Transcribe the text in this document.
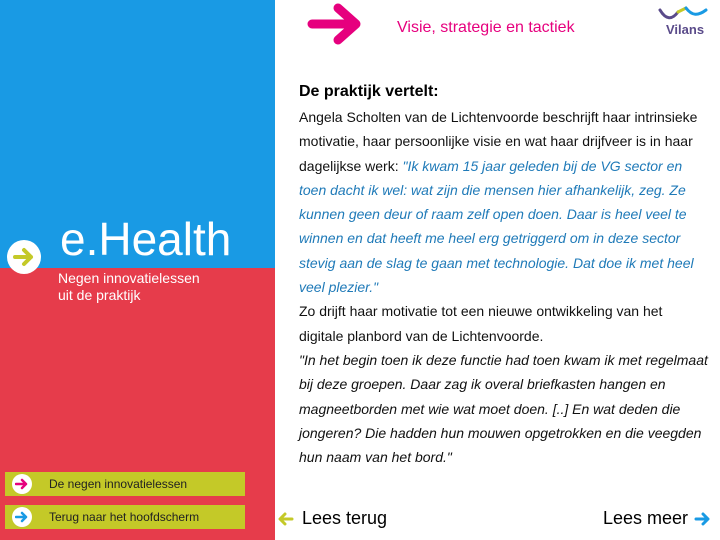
e.Health
Negen innovatielessen uit de praktijk
De negen innovatielessen
Terug naar het hoofdscherm
Visie, strategie en tactiek	Vilans
De praktijk vertelt:

Angela Scholten van de Lichtenvoorde beschrijft haar intrinsieke motivatie, haar persoonlijke visie en wat haar drijfveer is in haar dagelijkse werk: "Ik kwam 15 jaar geleden bij de VG sector en toen dacht ik wel: wat zijn die mensen hier afhankelijk, zeg. Ze kunnen geen deur of raam zelf open doen. Daar is heel veel te winnen en dat heeft me heel erg getriggerd om in deze sector stevig aan de slag te gaan met technologie. Dat doe ik met heel veel plezier."

Zo drijft haar motivatie tot een nieuwe ontwikkeling van het digitale planbord van de Lichtenvoorde.

"In het begin toen ik deze functie had toen kwam ik met regelmaat bij deze groepen. Daar zag ik overal briefkasten hangen en magneetborden met wie wat moet doen. [..] En wat deden die jongeren? Die hadden hun mouwen opgetrokken en die veegden hun naam van het bord."

Lees terug	Lees meer
